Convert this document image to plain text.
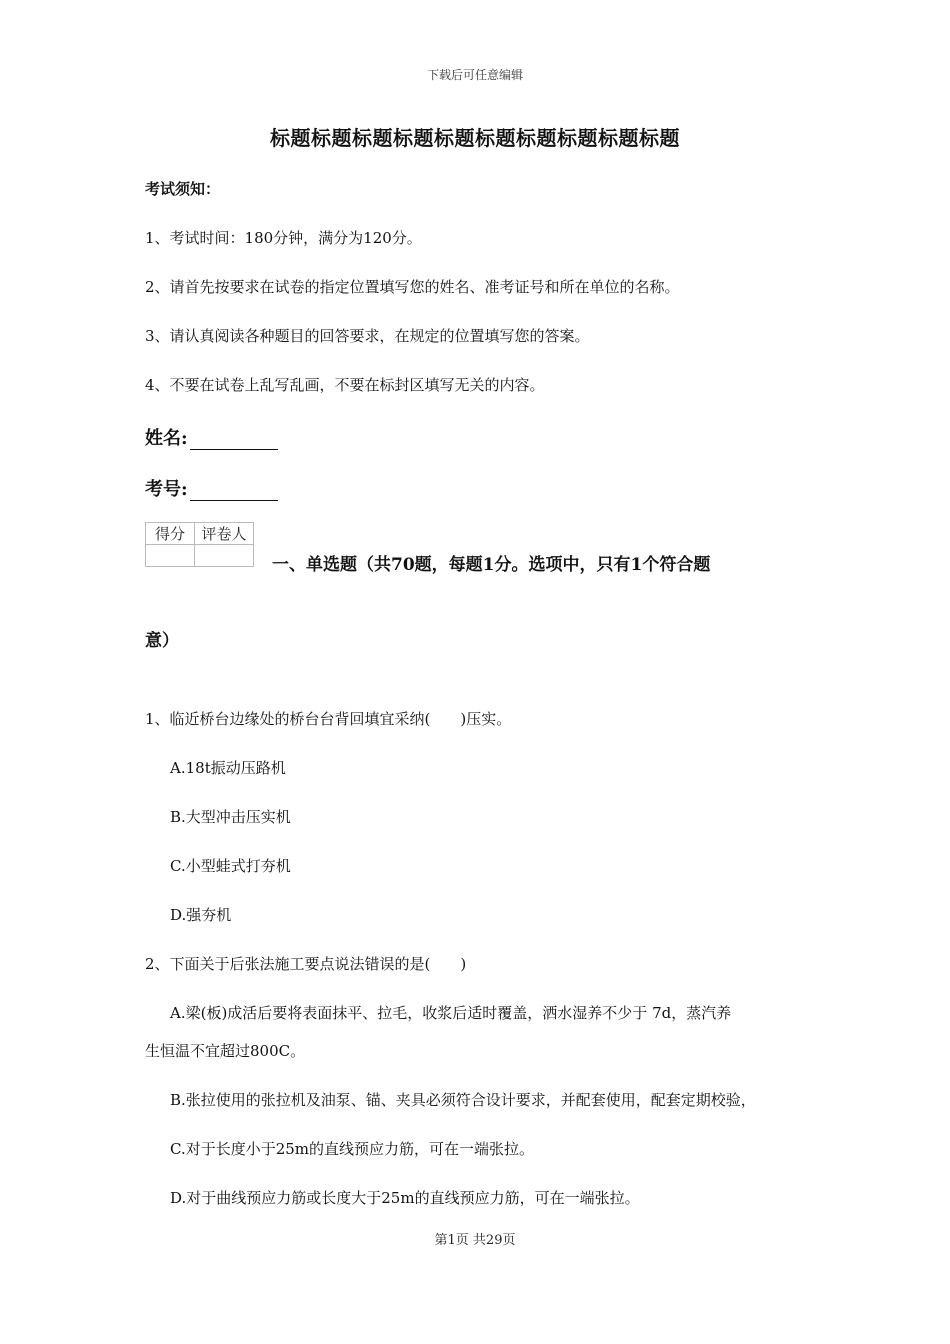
下载后可任意编辑
标题标题标题标题标题标题标题标题标题标题
考试须知：
1、考试时间：180分钟，满分为120分。
2、请首先按要求在试卷的指定位置填写您的姓名、准考证号和所在单位的名称。
3、请认真阅读各种题目的回答要求，在规定的位置填写您的答案。
4、不要在试卷上乱写乱画，不要在标封区填写无关的内容。
姓名:
考号:
得分	评卷人

一、单选题（共70题，每题1分。选项中，只有1个符合题
意）
1、临近桥台边缘处的桥台台背回填宜采纳(　　)压实。
A.18t振动压路机
B.大型冲击压实机
C.小型蛙式打夯机
D.强夯机
2、下面关于后张法施工要点说法错误的是(　　)
A.梁(板)成活后要将表面抹平、拉毛，收浆后适时覆盖，洒水湿养不少于 7d，蒸汽养
生恒温不宜超过800C。
B.张拉使用的张拉机及油泵、锚、夹具必须符合设计要求，并配套使用，配套定期校验，
C.对于长度小于25m的直线预应力筋，可在一端张拉。
D.对于曲线预应力筋或长度大于25m的直线预应力筋，可在一端张拉。
第1页 共29页
